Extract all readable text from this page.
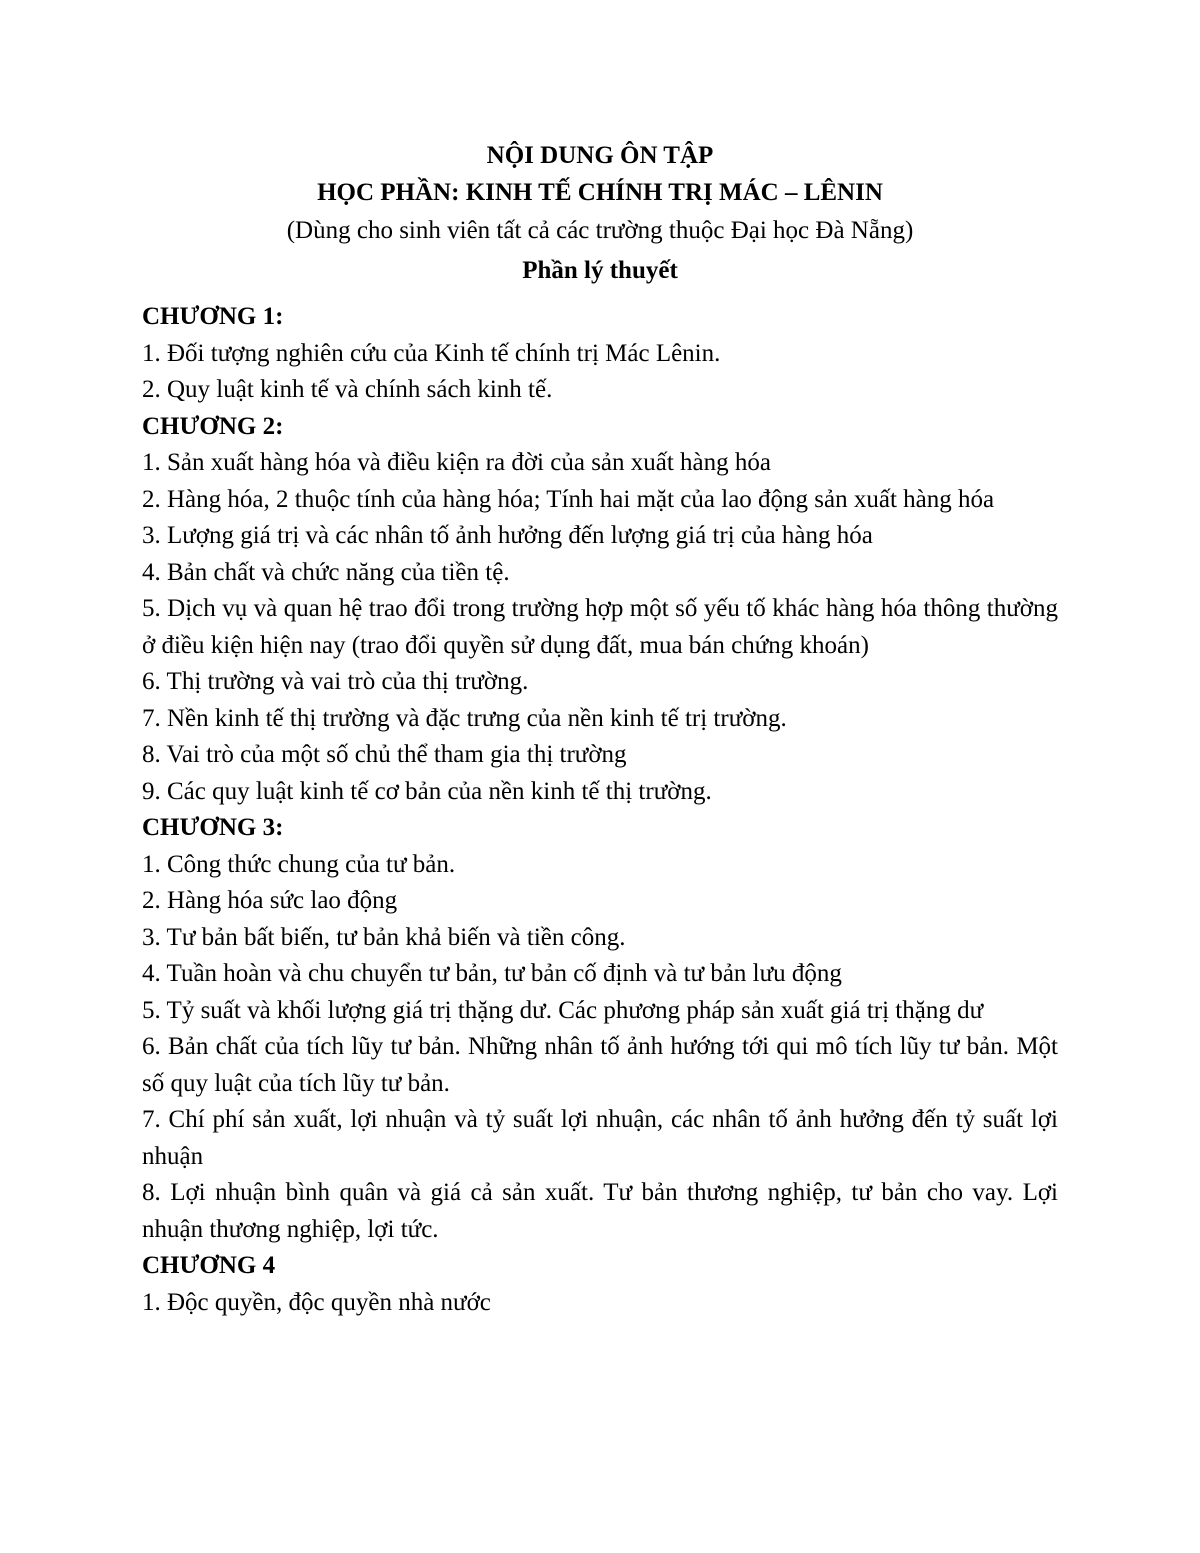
NỘI DUNG ÔN TẬP

HỌC PHẦN: KINH TẾ CHÍNH TRỊ MÁC – LÊNIN

(Dùng cho sinh viên tất cả các trường thuộc Đại học Đà Nẵng)

Phần lý thuyết

CHƯƠNG 1:

1. Đối tượng nghiên cứu của Kinh tế chính trị Mác Lênin.

2. Quy luật kinh tế và chính sách kinh tế.

CHƯƠNG 2:

1. Sản xuất hàng hóa và điều kiện ra đời của sản xuất hàng hóa

2. Hàng hóa, 2 thuộc tính của hàng hóa; Tính hai mặt của lao động sản xuất hàng hóa

3. Lượng giá trị và các nhân tố ảnh hưởng đến lượng giá trị của hàng hóa

4. Bản chất và chức năng của tiền tệ.

5. Dịch vụ và quan hệ trao đổi trong trường hợp một số yếu tố khác hàng hóa thông thường ở điều kiện hiện nay (trao đổi quyền sử dụng đất, mua bán chứng khoán)

6. Thị trường và vai trò của thị trường.

7. Nền kinh tế thị trường và đặc trưng của nền kinh tế trị trường.

8. Vai trò của một số chủ thể tham gia thị trường

9. Các quy luật kinh tế cơ bản của nền kinh tế thị trường.

CHƯƠNG 3:

1. Công thức chung của tư bản.

2. Hàng hóa sức lao động

3. Tư bản bất biến, tư bản khả biến và tiền công.

4. Tuần hoàn và chu chuyển tư bản, tư bản cố định và tư bản lưu động

5. Tỷ suất và khối lượng giá trị thặng dư. Các phương pháp sản xuất giá trị thặng dư

6. Bản chất của tích lũy tư bản. Những nhân tố ảnh hướng tới qui mô tích lũy tư bản. Một số quy luật của tích lũy tư bản.

7. Chí phí sản xuất, lợi nhuận và tỷ suất lợi nhuận, các nhân tố ảnh hưởng đến tỷ suất lợi nhuận

8. Lợi nhuận bình quân và giá cả sản xuất. Tư bản thương nghiệp, tư bản cho vay. Lợi nhuận thương nghiệp, lợi tức.

CHƯƠNG 4

1. Độc quyền, độc quyền nhà nước
